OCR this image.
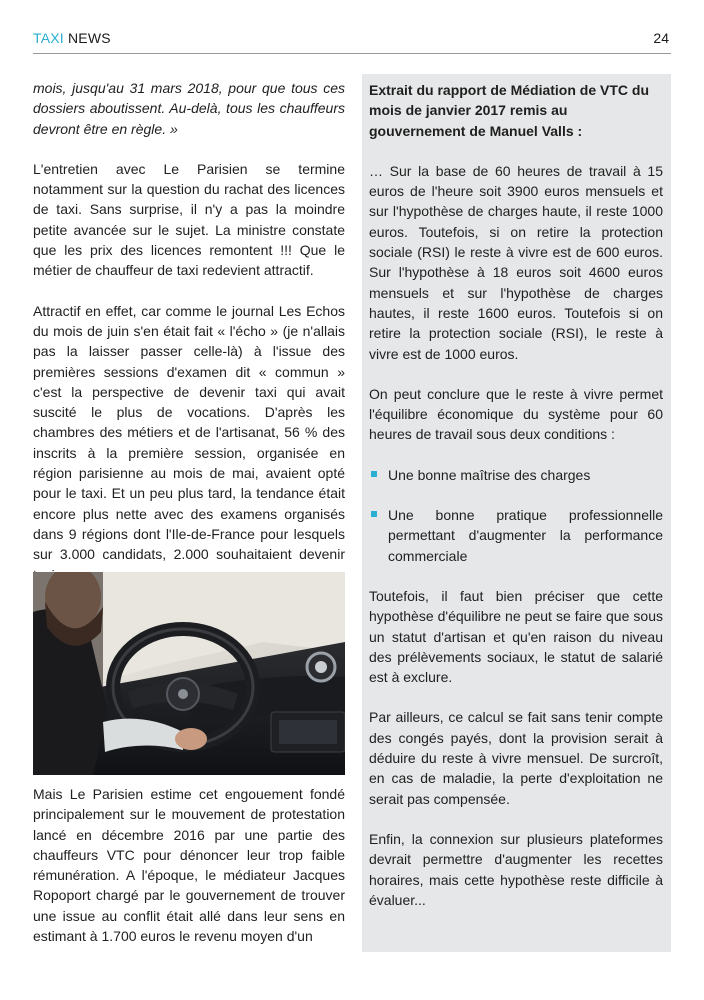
TAXI NEWS	24

mois, jusqu'au 31 mars 2018, pour que tous ces dossiers aboutissent. Au-delà, tous les chauffeurs devront être en règle. »

L'entretien avec Le Parisien se termine notamment sur la question du rachat des licences de taxi. Sans surprise, il n'y a pas la moindre petite avancée sur le sujet. La ministre constate que les prix des licences remontent !!! Que le métier de chauffeur de taxi redevient attractif.

Attractif en effet, car comme le journal Les Echos du mois de juin s'en était fait « l'écho » (je n'allais pas la laisser passer celle-là) à l'issue des premières sessions d'examen dit « commun » c'est la perspective de devenir taxi qui avait suscité le plus de vocations. D'après les chambres des métiers et de l'artisanat, 56 % des inscrits à la première session, organisée en région parisienne au mois de mai, avaient opté pour le taxi. Et un peu plus tard, la tendance était encore plus nette avec des examens organisés dans 9 régions dont l'Ile-de-France pour lesquels sur 3.000 candidats, 2.000 souhaitaient devenir

Mais Le Parisien estime cet engouement fondé principalement sur le mouvement de protestation lancé en décembre 2016 par une partie des chauffeurs VTC pour dénoncer leur trop faible rémunération. A l'époque, le médiateur Jacques Ropoport chargé par le gouvernement de trouver une issue au conflit était allé dans leur sens en estimant à 1.700 euros le revenu moyen d'un

Extrait du rapport de Médiation de VTC du mois de janvier 2017 remis au gouvernement de Manuel Valls :

… Sur la base de 60 heures de travail à 15 euros de l'heure soit 3900 euros mensuels et sur l'hypothèse de charges haute, il reste 1000 euros. Toutefois, si on retire la protection sociale (RSI) le reste à vivre est de 600 euros. Sur l'hypothèse à 18 euros soit 4600 euros mensuels et sur l'hypothèse de charges hautes, il reste 1600 euros. Toutefois si on retire la protection sociale (RSI), le reste à vivre est de 1000 euros.

On peut conclure que le reste à vivre permet l'équilibre économique du système pour 60 heures de travail sous deux conditions :

Une bonne maîtrise des charges
Une bonne pratique professionnelle permettant d'augmenter la performance commerciale

Toutefois, il faut bien préciser que cette hypothèse d'équilibre ne peut se faire que sous un statut d'artisan et qu'en raison du niveau des prélèvements sociaux, le statut de salarié est à exclure.

Par ailleurs, ce calcul se fait sans tenir compte des congés payés, dont la provision serait à déduire du reste à vivre mensuel. De surcroît, en cas de maladie, la perte d'exploitation ne serait pas compensée.

Enfin, la connexion sur plusieurs plateformes devrait permettre d'augmenter les recettes horaires, mais cette hypothèse reste difficile à évaluer...
